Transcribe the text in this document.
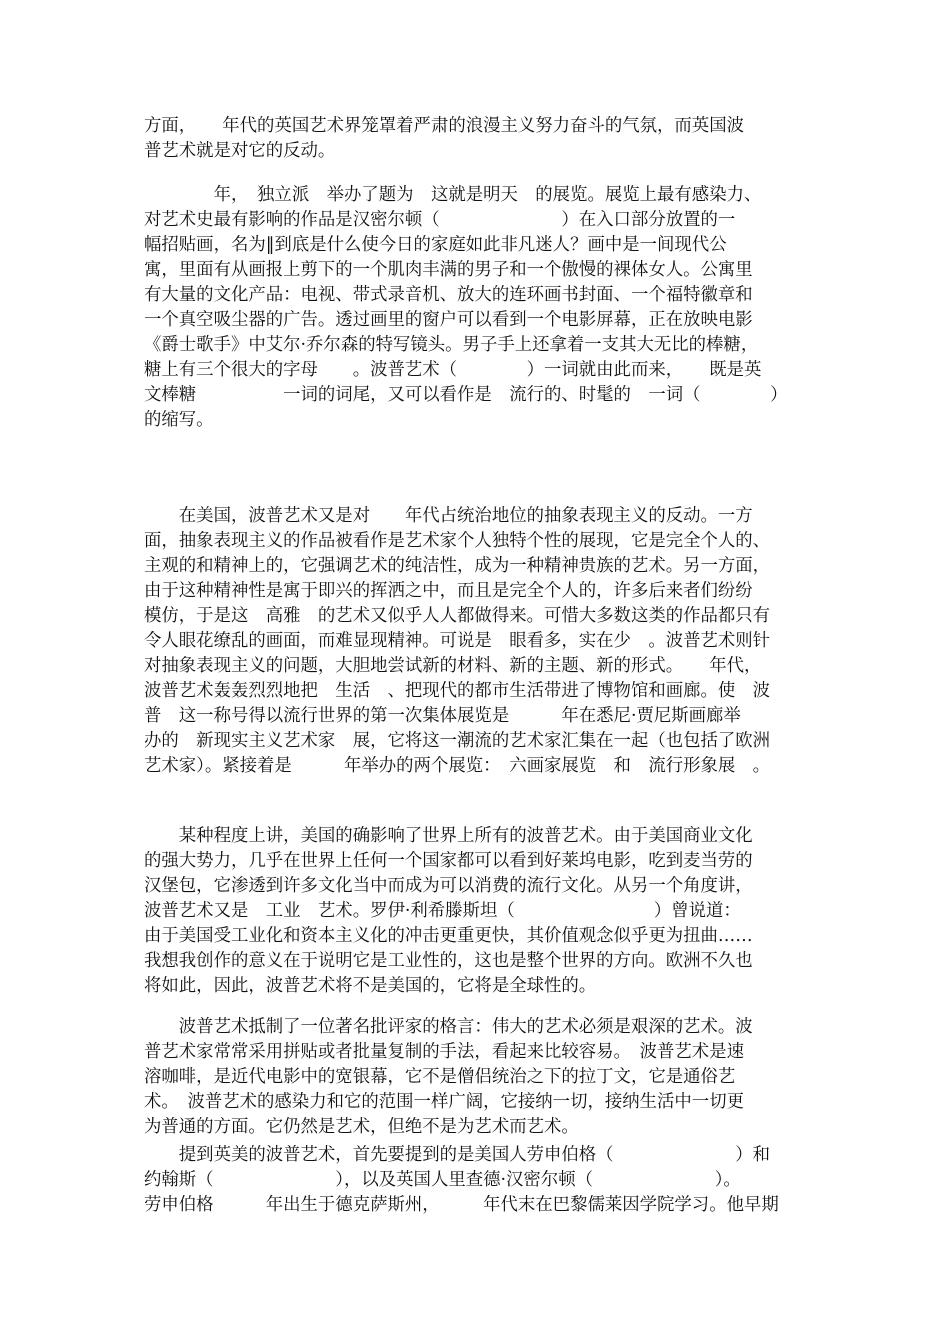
方面，　　年代的英国艺术界笼罩着严肃的浪漫主义努力奋斗的气氛，而英国波
普艺术就是对它的反动。
　　　　年，　独立派　举办了题为　这就是明天　的展览。展览上最有感染力、
对艺术史最有影响的作品是汉密尔顿（　　　　　　　）在入口部分放置的一
幅招贴画，名为‖到底是什么使今日的家庭如此非凡迷人？画中是一间现代公
寓，里面有从画报上剪下的一个肌肉丰满的男子和一个傲慢的裸体女人。公寓里
有大量的文化产品：电视、带式录音机、放大的连环画书封面、一个福特徽章和
一个真空吸尘器的广告。透过画里的窗户可以看到一个电影屏幕，正在放映电影
《爵士歌手》中艾尔·乔尔森的特写镜头。男子手上还拿着一支其大无比的棒糖，
糖上有三个很大的字母　　。波普艺术（　　　　）一词就由此而来，　　既是英
文棒糖　　　　　一词的词尾，又可以看作是　流行的、时髦的　一词（　　　　）
的缩写。
　　在美国，波普艺术又是对　　年代占统治地位的抽象表现主义的反动。一方
面，抽象表现主义的作品被看作是艺术家个人独特个性的展现，它是完全个人的、
主观的和精神上的，它强调艺术的纯洁性，成为一种精神贵族的艺术。另一方面，
由于这种精神性是寓于即兴的挥洒之中，而且是完全个人的，许多后来者们纷纷
模仿，于是这　高雅　的艺术又似乎人人都做得来。可惜大多数这类的作品都只有
令人眼花缭乱的画面，而难显现精神。可说是　眼看多，实在少　。波普艺术则针
对抽象表现主义的问题，大胆地尝试新的材料、新的主题、新的形式。　　年代，
波普艺术轰轰烈烈地把　生活　、把现代的都市生活带进了博物馆和画廊。使　波
普　这一称号得以流行世界的第一次集体展览是　　　年在悉尼·贾尼斯画廊举
办的　新现实主义艺术家　展，它将这一潮流的艺术家汇集在一起（也包括了欧洲
艺术家）。紧接着是　　　年举办的两个展览：　六画家展览　和　流行形象展　。
　　某种程度上讲，美国的确影响了世界上所有的波普艺术。由于美国商业文化
的强大势力，几乎在世界上任何一个国家都可以看到好莱坞电影，吃到麦当劳的
汉堡包，它渗透到许多文化当中而成为可以消费的流行文化。从另一个角度讲，
波普艺术又是　工业　艺术。罗伊·利希滕斯坦（　　　　　　　　）曾说道：
由于美国受工业化和资本主义化的冲击更重更快，其价值观念似乎更为扭曲……
我想我创作的意义在于说明它是工业性的，这也是整个世界的方向。欧洲不久也
将如此，因此，波普艺术将不是美国的，它将是全球性的。
　　波普艺术抵制了一位著名批评家的格言：伟大的艺术必须是艰深的艺术。波
普艺术家常常采用拼贴或者批量复制的手法，看起来比较容易。　波普艺术是速
溶咖啡，是近代电影中的宽银幕，它不是僧侣统治之下的拉丁文，它是通俗艺
术。　波普艺术的感染力和它的范围一样广阔，它接纳一切，接纳生活中一切更
为普通的方面。它仍然是艺术，但绝不是为艺术而艺术。
　　提到英美的波普艺术，首先要提到的是美国人劳申伯格（　　　　　　　）和
约翰斯（　　　　　　　），以及英国人里查德·汉密尔顿（　　　　　　　）。
劳申伯格　　　年出生于德克萨斯州，　　　年代末在巴黎儒莱因学院学习。他早期
